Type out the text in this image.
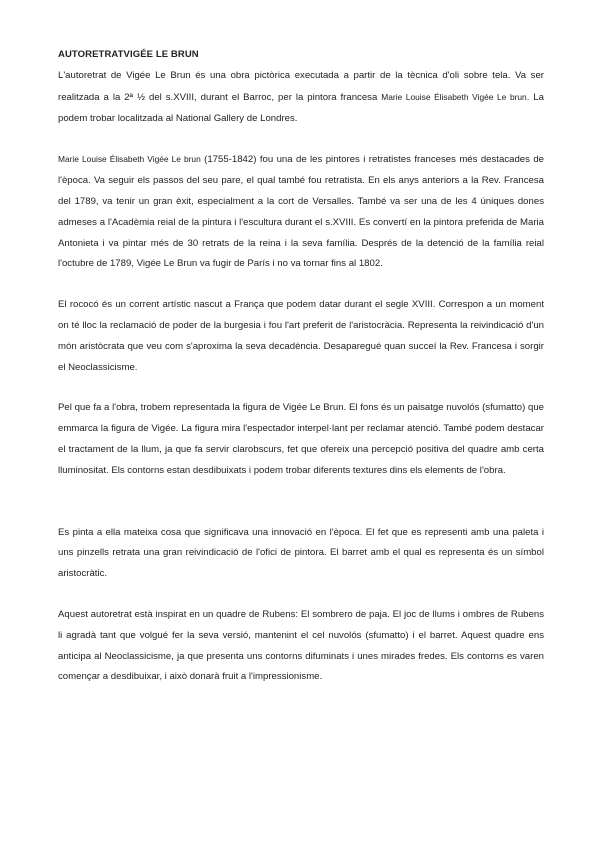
AUTORETRATVIGÉE LE BRUN

L'autoretrat de Vigée Le Brun és una obra pictòrica executada a partir de la tècnica d'oli sobre tela. Va ser realitzada a la 2ª ½ del s.XVIII, durant el Barroc, per la pintora francesa Marie Louise Élisabeth Vigée Le brun. La podem trobar localitzada al National Gallery de Londres.

Marie Louise Élisabeth Vigée Le brun (1755-1842) fou una de les pintores i retratistes franceses més destacades de l'època. Va seguir els passos del seu pare, el qual també fou retratista. En els anys anteriors a la Rev. Francesa del 1789, va tenir un gran èxit, especialment a la cort de Versalles. També va ser una de les 4 úniques dones admeses a l'Acadèmia reial de la pintura i l'escultura durant el s.XVIII. Es convertí en la pintora preferida de Maria Antonieta i va pintar més de 30 retrats de la reina i la seva família. Després de la detenció de la família reial l'octubre de 1789, Vigée Le Brun va fugir de París i no va tornar fins al 1802.

El rococó és un corrent artístic nascut a França que podem datar durant el segle XVIII. Correspon a un moment on té lloc la reclamació de poder de la burgesia i fou l'art preferit de l'aristocràcia. Representa la reivindicació d'un món aristòcrata que veu com s'aproxima la seva decadència. Desaparegué quan succeí la Rev. Francesa i sorgir el Neoclassicisme.

Pel que fa a l'obra, trobem representada la figura de Vigée Le Brun. El fons és un paisatge nuvolós (sfumatto) que emmarca la figura de Vigée. La figura mira l'espectador interpel·lant per reclamar atenció. També podem destacar el tractament de la llum, ja que fa servir clarobscurs, fet que ofereix una percepció positiva del quadre amb certa lluminositat. Els contorns estan desdibuixats i podem trobar diferents textures dins els elements de l'obra.

Es pinta a ella mateixa cosa que significava una innovació en l'època. El fet que es representi amb una paleta i uns pinzells retrata una gran reivindicació de l'ofici de pintora. El barret amb el qual es representa és un símbol aristocràtic.

Aquest autoretrat està inspirat en un quadre de Rubens: El sombrero de paja. El joc de llums i ombres de Rubens li agradà tant que volgué fer la seva versió, mantenint el cel nuvolós (sfumatto) i el barret. Aquest quadre ens anticipa al Neoclassicisme, ja que presenta uns contorns difuminats i unes mirades fredes. Els contorns es varen començar a desdibuixar, i això donarà fruit a l'impressionisme.
